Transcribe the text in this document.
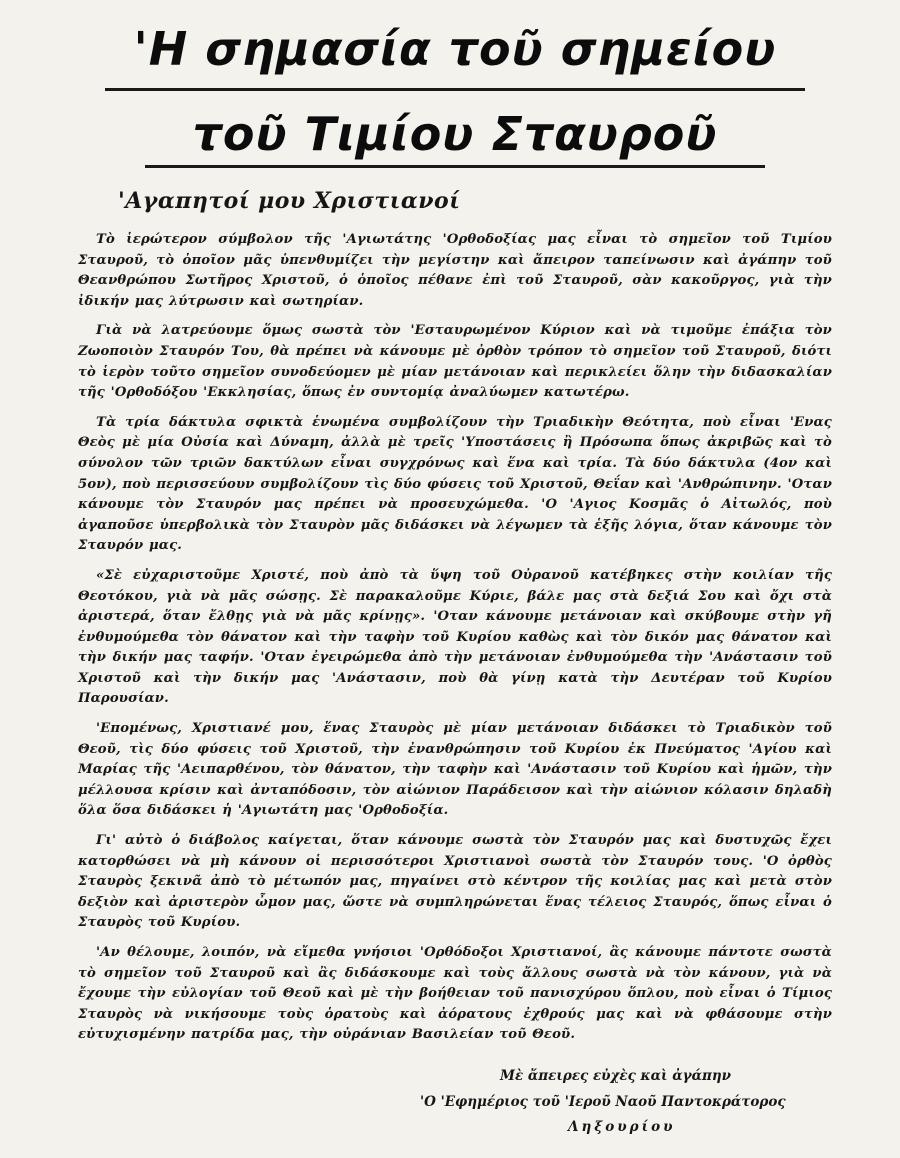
'Η σημασία τοῦ σημείου
τοῦ Τιμίου Σταυροῦ
'Αγαπητοί μου Χριστιανοί

Τὸ ἱερώτερον σύμβολον τῆς 'Αγιωτάτης 'Ορθοδοξίας μας εἶναι τὸ σημεῖον τοῦ Τιμίου Σταυροῦ, τὸ ὁποῖον μᾶς ὑπενθυμίζει τὴν μεγίστην καὶ ἄπειρον ταπείνωσιν καὶ ἀγάπην τοῦ Θεανθρώπου Σωτῆρος Χριστοῦ, ὁ ὁποῖος πέθανε ἐπὶ τοῦ Σταυροῦ, σὰν κακοῦργος, γιὰ τὴν ἰδικήν μας λύτρωσιν καὶ σωτηρίαν.

Γιὰ νὰ λατρεύουμε ὅμως σωστὰ τὸν 'Εσταυρωμένον Κύριον καὶ νὰ τιμοῦμε ἐπάξια τὸν Ζωοποιὸν Σταυρόν Του, θὰ πρέπει νὰ κάνουμε μὲ ὀρθὸν τρόπον τὸ σημεῖον τοῦ Σταυροῦ, διότι τὸ ἱερὸν τοῦτο σημεῖον συνοδεύομεν μὲ μίαν μετάνοιαν καὶ περικλείει ὅλην τὴν διδασκαλίαν τῆς 'Ορθοδόξου 'Εκκλησίας, ὅπως ἐν συντομίᾳ ἀναλύωμεν κατωτέρω.

Τὰ τρία δάκτυλα σφικτὰ ἑνωμένα συμβολίζουν τὴν Τριαδικὴν Θεότητα, ποὺ εἶναι 'Ενας Θεὸς μὲ μία Οὐσία καὶ Δύναμη, ἀλλὰ μὲ τρεῖς 'Υποστάσεις ἢ Πρόσωπα ὅπως ἀκριβῶς καὶ τὸ σύνολον τῶν τριῶν δακτύλων εἶναι συγχρόνως καὶ ἕνα καὶ τρία. Τὰ δύο δάκτυλα (4ον καὶ 5ον), ποὺ περισσεύουν συμβολίζουν τὶς δύο φύσεις τοῦ Χριστοῦ, Θεΐαν καὶ 'Ανθρώπινην. 'Οταν κάνουμε τὸν Σταυρόν μας πρέπει νὰ προσευχώμεθα. 'Ο 'Αγιος Κοσμᾶς ὁ Αἰτωλός, ποὺ ἀγαποῦσε ὑπερβολικὰ τὸν Σταυρὸν μᾶς διδάσκει νὰ λέγωμεν τὰ ἑξῆς λόγια, ὅταν κάνουμε τὸν Σταυρόν μας.

«Σὲ εὐχαριστοῦμε Χριστέ, ποὺ ἀπὸ τὰ ὕψη τοῦ Οὐρανοῦ κατέβηκες στὴν κοιλίαν τῆς Θεοτόκου, γιὰ νὰ μᾶς σώσῃς. Σὲ παρακαλοῦμε Κύριε, βάλε μας στὰ δεξιά Σου καὶ ὄχι στὰ ἀριστερά, ὅταν ἔλθῃς γιὰ νὰ μᾶς κρίνῃς». 'Οταν κάνουμε μετάνοιαν καὶ σκύβουμε στὴν γῆ ἐνθυμούμεθα τὸν θάνατον καὶ τὴν ταφὴν τοῦ Κυρίου καθὼς καὶ τὸν δικόν μας θάνατον καὶ τὴν δικήν μας ταφήν. 'Οταν ἐγειρώμεθα ἀπὸ τὴν μετάνοιαν ἐνθυμούμεθα τὴν 'Ανάστασιν τοῦ Χριστοῦ καὶ τὴν δικήν μας 'Ανάστασιν, ποὺ θὰ γίνῃ κατὰ τὴν Δευτέραν τοῦ Κυρίου Παρουσίαν.

'Επομένως, Χριστιανέ μου, ἕνας Σταυρὸς μὲ μίαν μετάνοιαν διδάσκει τὸ Τριαδικὸν τοῦ Θεοῦ, τὶς δύο φύσεις τοῦ Χριστοῦ, τὴν ἐνανθρώπησιν τοῦ Κυρίου ἐκ Πνεύματος 'Αγίου καὶ Μαρίας τῆς 'Αειπαρθένου, τὸν θάνατον, τὴν ταφὴν καὶ 'Ανάστασιν τοῦ Κυρίου καὶ ἡμῶν, τὴν μέλλουσα κρίσιν καὶ ἀνταπόδοσιν, τὸν αἰώνιον Παράδεισον καὶ τὴν αἰώνιον κόλασιν δηλαδὴ ὅλα ὅσα διδάσκει ἡ 'Αγιωτάτη μας 'Ορθοδοξία.

Γι' αὐτὸ ὁ διάβολος καίγεται, ὅταν κάνουμε σωστὰ τὸν Σταυρόν μας καὶ δυστυχῶς ἔχει κατορθώσει νὰ μὴ κάνουν οἱ περισσότεροι Χριστιανοὶ σωστὰ τὸν Σταυρόν τους. 'Ο ὀρθὸς Σταυρὸς ξεκινᾶ ἀπὸ τὸ μέτωπόν μας, πηγαίνει στὸ κέντρον τῆς κοιλίας μας καὶ μετὰ στὸν δεξιὸν καὶ ἀριστερὸν ὦμον μας, ὥστε νὰ συμπληρώνεται ἕνας τέλειος Σταυρός, ὅπως εἶναι ὁ Σταυρὸς τοῦ Κυρίου.

'Αν θέλουμε, λοιπόν, νὰ εἴμεθα γνήσιοι 'Ορθόδοξοι Χριστιανοί, ἂς κάνουμε πάντοτε σωστὰ τὸ σημεῖον τοῦ Σταυροῦ καὶ ἂς διδάσκουμε καὶ τοὺς ἄλλους σωστὰ νὰ τὸν κάνουν, γιὰ νὰ ἔχουμε τὴν εὐλογίαν τοῦ Θεοῦ καὶ μὲ τὴν βοήθειαν τοῦ πανισχύρου ὅπλου, ποὺ εἶναι ὁ Τίμιος Σταυρὸς νὰ νικήσουμε τοὺς ὁρατοὺς καὶ ἀόρατους ἐχθρούς μας καὶ νὰ φθάσουμε στὴν εὐτυχισμένην πατρίδα μας, τὴν οὐράνιαν Βασιλείαν τοῦ Θεοῦ.

Μὲ ἄπειρες εὐχὲς καὶ ἀγάπην
'Ο 'Εφημέριος τοῦ 'Ιεροῦ Ναοῦ Παντοκράτορος
Ληξουρίου
